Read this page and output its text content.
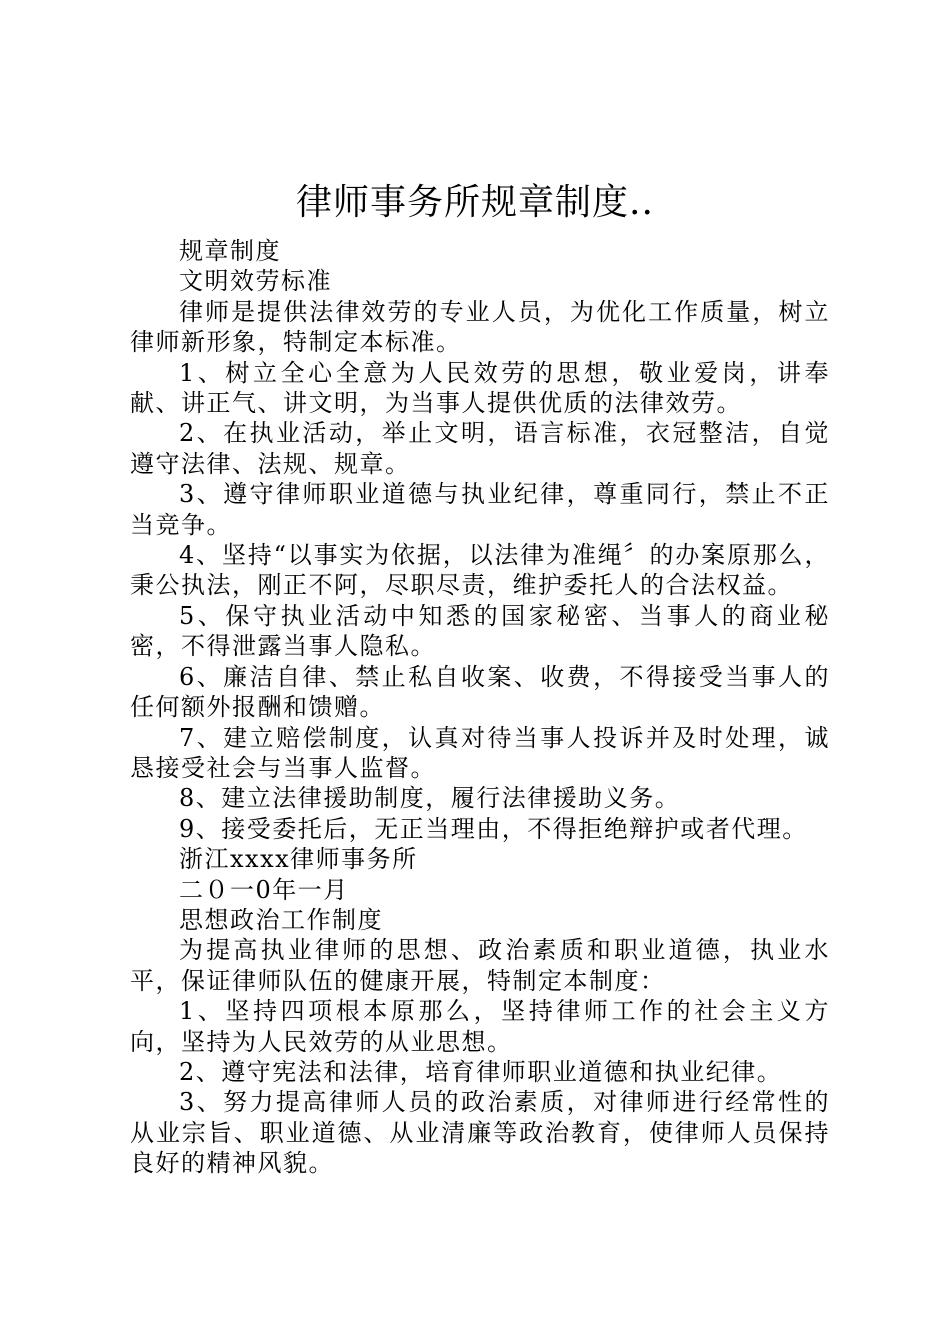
律师事务所规章制度..

规章制度

文明效劳标准

律师是提供法律效劳的专业人员，为优化工作质量，树立律师新形象，特制定本标准。

1、树立全心全意为人民效劳的思想，敬业爱岗，讲奉献、讲正气、讲文明，为当事人提供优质的法律效劳。

2、在执业活动，举止文明，语言标准，衣冠整洁，自觉遵守法律、法规、规章。

3、遵守律师职业道德与执业纪律，尊重同行，禁止不正当竞争。

4、坚持“以事实为依据，以法律为准绳〞的办案原那么，秉公执法，刚正不阿，尽职尽责，维护委托人的合法权益。

5、保守执业活动中知悉的国家秘密、当事人的商业秘密，不得泄露当事人隐私。

6、廉洁自律、禁止私自收案、收费，不得接受当事人的任何额外报酬和馈赠。

7、建立赔偿制度，认真对待当事人投诉并及时处理，诚恳接受社会与当事人监督。

8、建立法律援助制度，履行法律援助义务。

9、接受委托后，无正当理由，不得拒绝辩护或者代理。

浙江xxxx律师事务所

二０一0年一月

思想政治工作制度

为提高执业律师的思想、政治素质和职业道德，执业水平，保证律师队伍的健康开展，特制定本制度：

1、坚持四项根本原那么，坚持律师工作的社会主义方向，坚持为人民效劳的从业思想。

2、遵守宪法和法律，培育律师职业道德和执业纪律。

3、努力提高律师人员的政治素质，对律师进行经常性的从业宗旨、职业道德、从业清廉等政治教育，使律师人员保持良好的精神风貌。
